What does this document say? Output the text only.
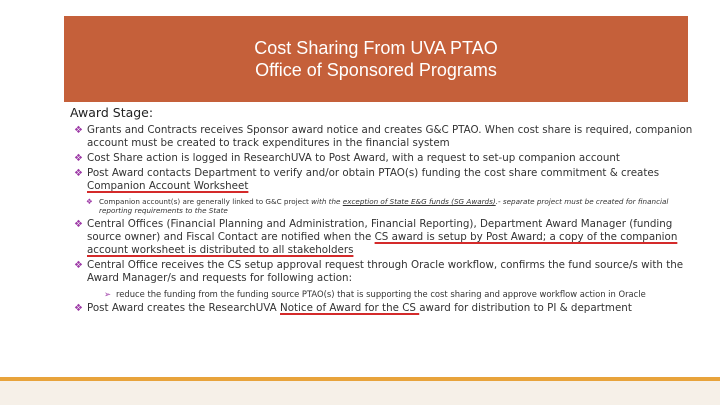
Cost Sharing From UVA PTAO
Office of Sponsored Programs
Award Stage:
❖ Grants and Contracts receives Sponsor award notice and creates G&C PTAO. When cost share is required, companion account must be created to track expenditures in the financial system
❖ Cost Share action is logged in ResearchUVA to Post Award, with a request to set-up companion account
❖ Post Award contacts Department to verify and/or obtain PTAO(s) funding the cost share commitment & creates Companion Account Worksheet
❖ Companion account(s) are generally linked to G&C project with the exception of State E&G funds (SG Awards).- separate project must be created for financial reporting requirements to the State
❖ Central Offices (Financial Planning and Administration, Financial Reporting), Department Award Manager (funding source owner) and Fiscal Contact are notified when the CS award is setup by Post Award; a copy of the companion account worksheet is distributed to all stakeholders
❖ Central Office receives the CS setup approval request through Oracle workflow, confirms the fund source/s with the Award Manager/s and requests for following action:
➢ reduce the funding from the funding source PTAO(s) that is supporting the cost sharing and approve workflow action in Oracle
❖ Post Award creates the ResearchUVA Notice of Award for the CS award for distribution to PI & department
